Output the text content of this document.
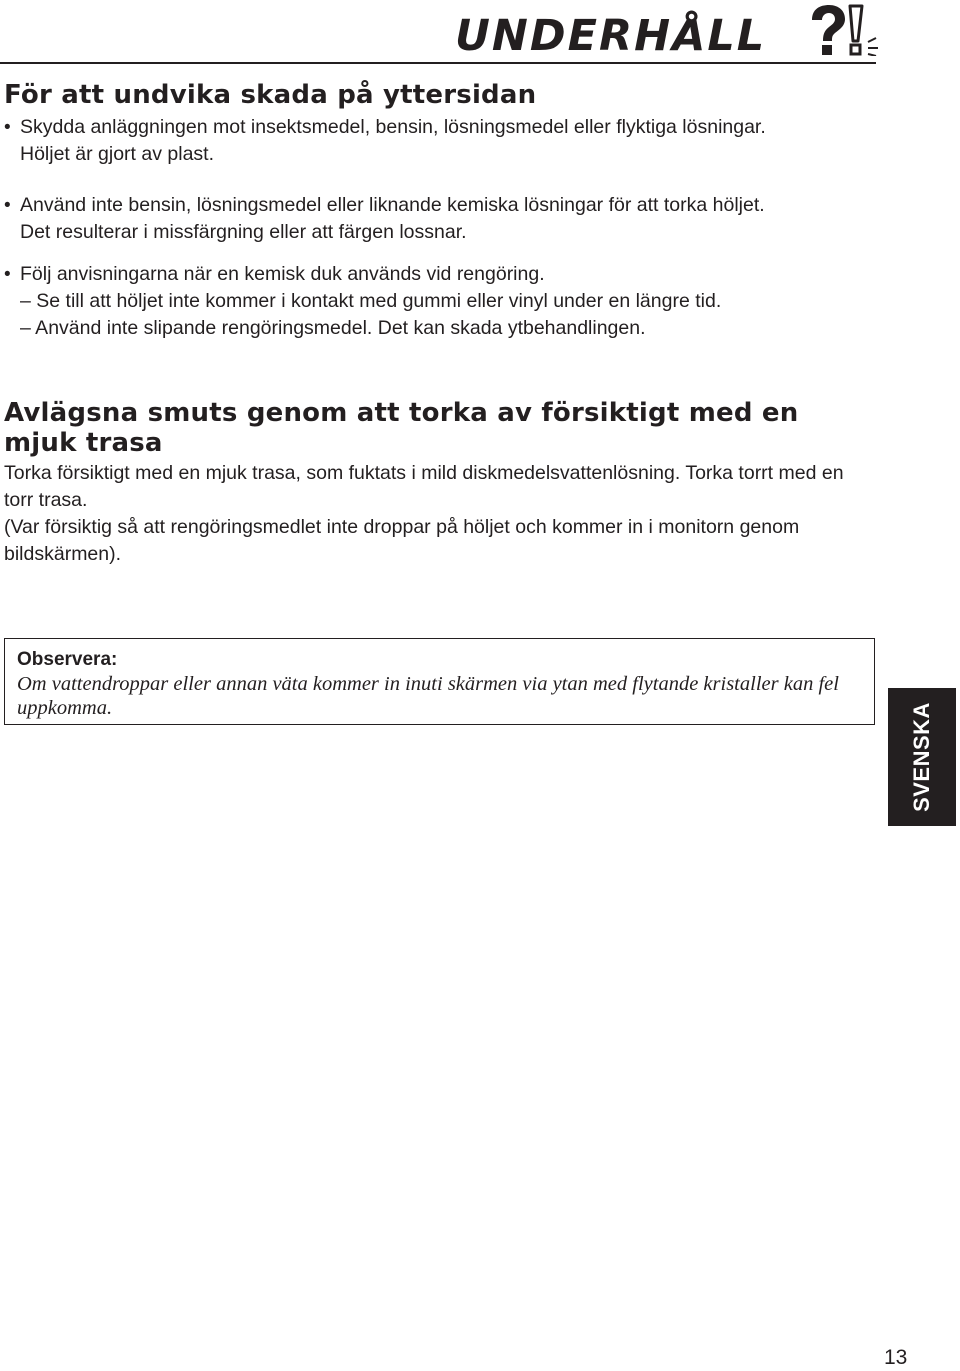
UNDERHÅLL
För att undvika skada på yttersidan
• Skydda anläggningen mot insektsmedel, bensin, lösningsmedel eller flyktiga lösningar.
Höljet är gjort av plast.
• Använd inte bensin, lösningsmedel eller liknande kemiska lösningar för att torka höljet.
Det resulterar i missfärgning eller att färgen lossnar.
• Följ anvisningarna när en kemisk duk används vid rengöring.
– Se till att höljet inte kommer i kontakt med gummi eller vinyl under en längre tid.
– Använd inte slipande rengöringsmedel. Det kan skada ytbehandlingen.
Avlägsna smuts genom att torka av försiktigt med en mjuk trasa

Torka försiktigt med en mjuk trasa, som fuktats i mild diskmedelsvattenlösning. Torka torrt med en torr trasa.

(Var försiktig så att rengöringsmedlet inte droppar på höljet och kommer in i monitorn genom bildskärmen).

Observera:

Om vattendroppar eller annan väta kommer in inuti skärmen via ytan med flytande kristaller kan fel uppkomma.	SVENSKA
13
